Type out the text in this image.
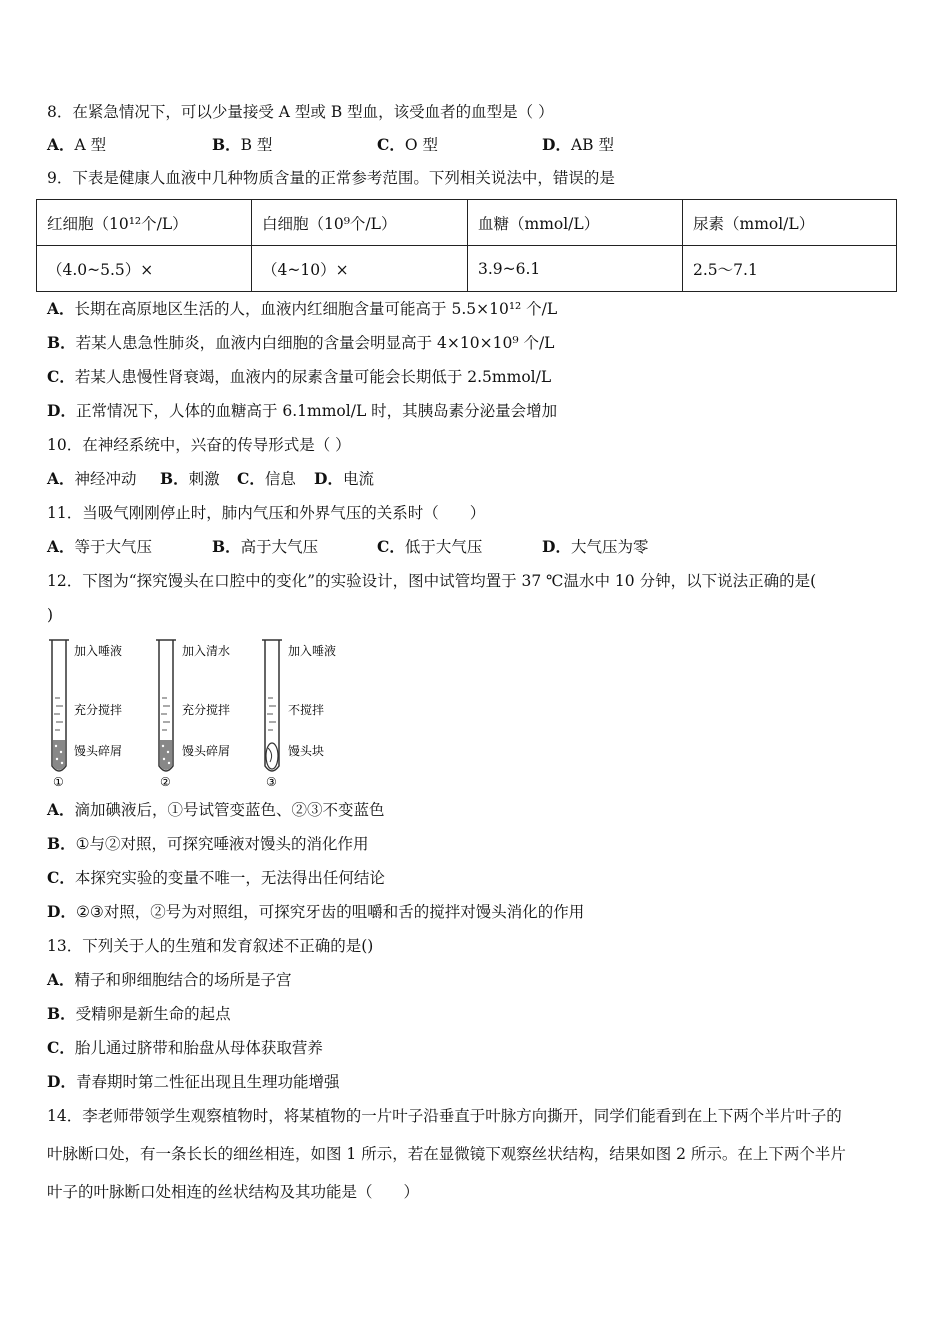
8．在紧急情况下，可以少量接受 A 型或 B 型血，该受血者的血型是（ ）
A．A 型	B．B 型	C．O 型	D．AB 型
9．下表是健康人血液中几种物质含量的正常参考范围。下列相关说法中，错误的是
红细胞（10¹²个/L）	白细胞（10⁹个/L）	血糖（mmol/L）	尿素（mmol/L）
（4.0~5.5）×	（4~10）×	3.9~6.1	2.5～7.1
A．长期在高原地区生活的人，血液内红细胞含量可能高于 5.5×10¹² 个/L
B．若某人患急性肺炎，血液内白细胞的含量会明显高于 4×10×10⁹ 个/L
C．若某人患慢性肾衰竭，血液内的尿素含量可能会长期低于 2.5mmol/L
D．正常情况下，人体的血糖高于 6.1mmol/L 时，其胰岛素分泌量会增加
10．在神经系统中，兴奋的传导形式是（ ）
A．神经冲动 B．刺激 C．信息 D．电流
11．当吸气刚刚停止时，肺内气压和外界气压的关系时（　　）
A．等于大气压	B．高于大气压	C．低于大气压	D．大气压为零
12．下图为“探究馒头在口腔中的变化”的实验设计，图中试管均置于 37 ℃温水中 10 分钟，以下说法正确的是(
)
加入唾液
充分搅拌
馒头碎屑
①
加入清水
充分搅拌
馒头碎屑
②
加入唾液
不搅拌
馒头块
③
A．滴加碘液后，①号试管变蓝色、②③不变蓝色
B．①与②对照，可探究唾液对馒头的消化作用
C．本探究实验的变量不唯一，无法得出任何结论
D．②③对照，②号为对照组，可探究牙齿的咀嚼和舌的搅拌对馒头消化的作用
13．下列关于人的生殖和发育叙述不正确的是()
A．精子和卵细胞结合的场所是子宫
B．受精卵是新生命的起点
C．胎儿通过脐带和胎盘从母体获取营养
D．青春期时第二性征出现且生理功能增强
14．李老师带领学生观察植物时，将某植物的一片叶子沿垂直于叶脉方向撕开，同学们能看到在上下两个半片叶子的
叶脉断口处，有一条长长的细丝相连，如图 1 所示，若在显微镜下观察丝状结构，结果如图 2 所示。在上下两个半片
叶子的叶脉断口处相连的丝状结构及其功能是（　　）
